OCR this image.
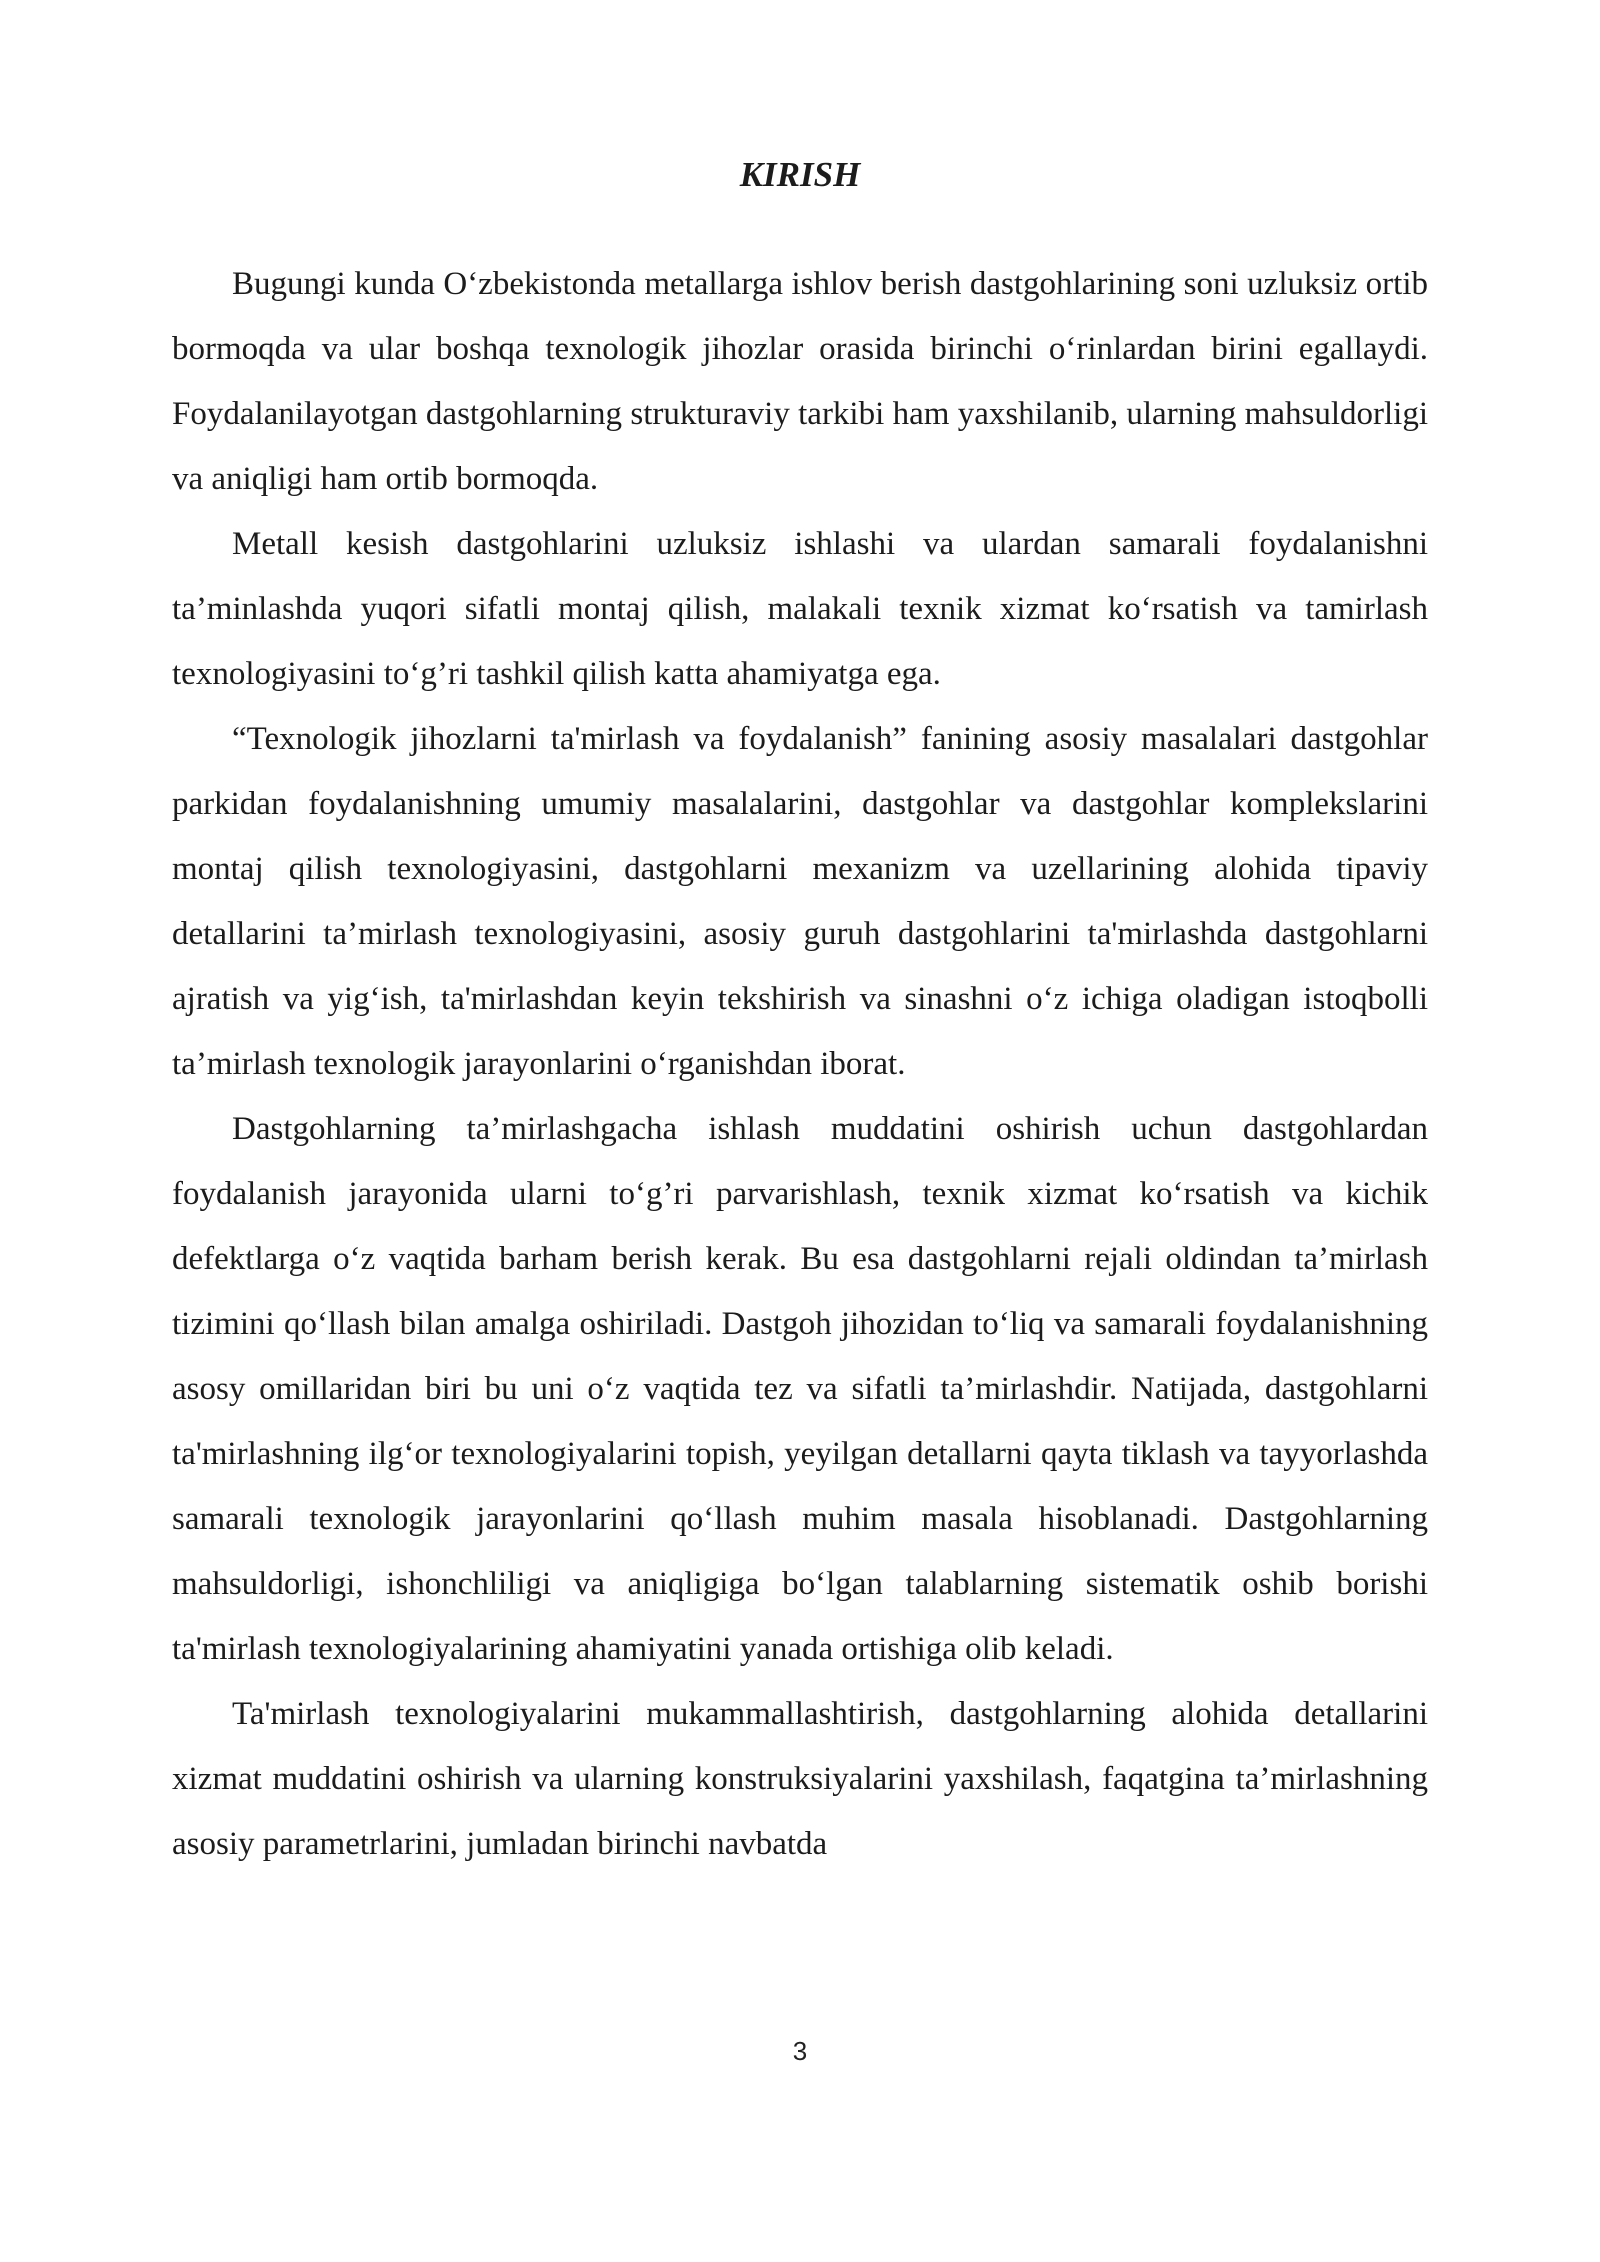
KIRISH

Bugungi kunda O‘zbekistonda metallarga ishlov berish dastgohlarining soni uzluksiz ortib bormoqda va ular boshqa texnologik jihozlar orasida birinchi o‘rinlardan birini egallaydi. Foydalanilayotgan dastgohlarning strukturaviy tarkibi ham yaxshilanib, ularning mahsuldorligi va aniqligi ham ortib bormoqda.

Metall kesish dastgohlarini uzluksiz ishlashi va ulardan samarali foydalanishni ta’minlashda yuqori sifatli montaj qilish, malakali texnik xizmat ko‘rsatish va tamirlash texnologiyasini to‘g’ri tashkil qilish katta ahamiyatga ega.

“Texnologik jihozlarni ta'mirlash va foydalanish” fanining asosiy masalalari dastgohlar parkidan foydalanishning umumiy masalalarini, dastgohlar va dastgohlar komplekslarini montaj qilish texnologiyasini, dastgohlarni mexanizm va uzellarining alohida tipaviy detallarini ta’mirlash texnologiyasini, asosiy guruh dastgohlarini ta'mirlashda dastgohlarni ajratish va yig‘ish, ta'mirlashdan keyin tekshirish va sinashni o‘z ichiga oladigan istoqbolli ta’mirlash texnologik jarayonlarini o‘rganishdan iborat.

Dastgohlarning ta’mirlashgacha ishlash muddatini oshirish uchun dastgohlardan foydalanish jarayonida ularni to‘g’ri parvarishlash, texnik xizmat ko‘rsatish va kichik defektlarga o‘z vaqtida barham berish kerak. Bu esa dastgohlarni rejali oldindan ta’mirlash tizimini qo‘llash bilan amalga oshiriladi. Dastgoh jihozidan to‘liq va samarali foydalanishning asosy omillaridan biri bu uni o‘z vaqtida tez va sifatli ta’mirlashdir. Natijada, dastgohlarni ta'mirlashning ilg‘or texnologiyalarini topish, yeyilgan detallarni qayta tiklash va tayyorlashda samarali texnologik jarayonlarini qo‘llash muhim masala hisoblanadi. Dastgohlarning mahsuldorligi, ishonchliligi va aniqligiga bo‘lgan talablarning sistematik oshib borishi ta'mirlash texnologiyalarining ahamiyatini yanada ortishiga olib keladi.

Ta'mirlash texnologiyalarini mukammallashtirish, dastgohlarning alohida detallarini xizmat muddatini oshirish va ularning konstruksiyalarini yaxshilash, faqatgina ta’mirlashning asosiy parametrlarini, jumladan birinchi navbatda

3
